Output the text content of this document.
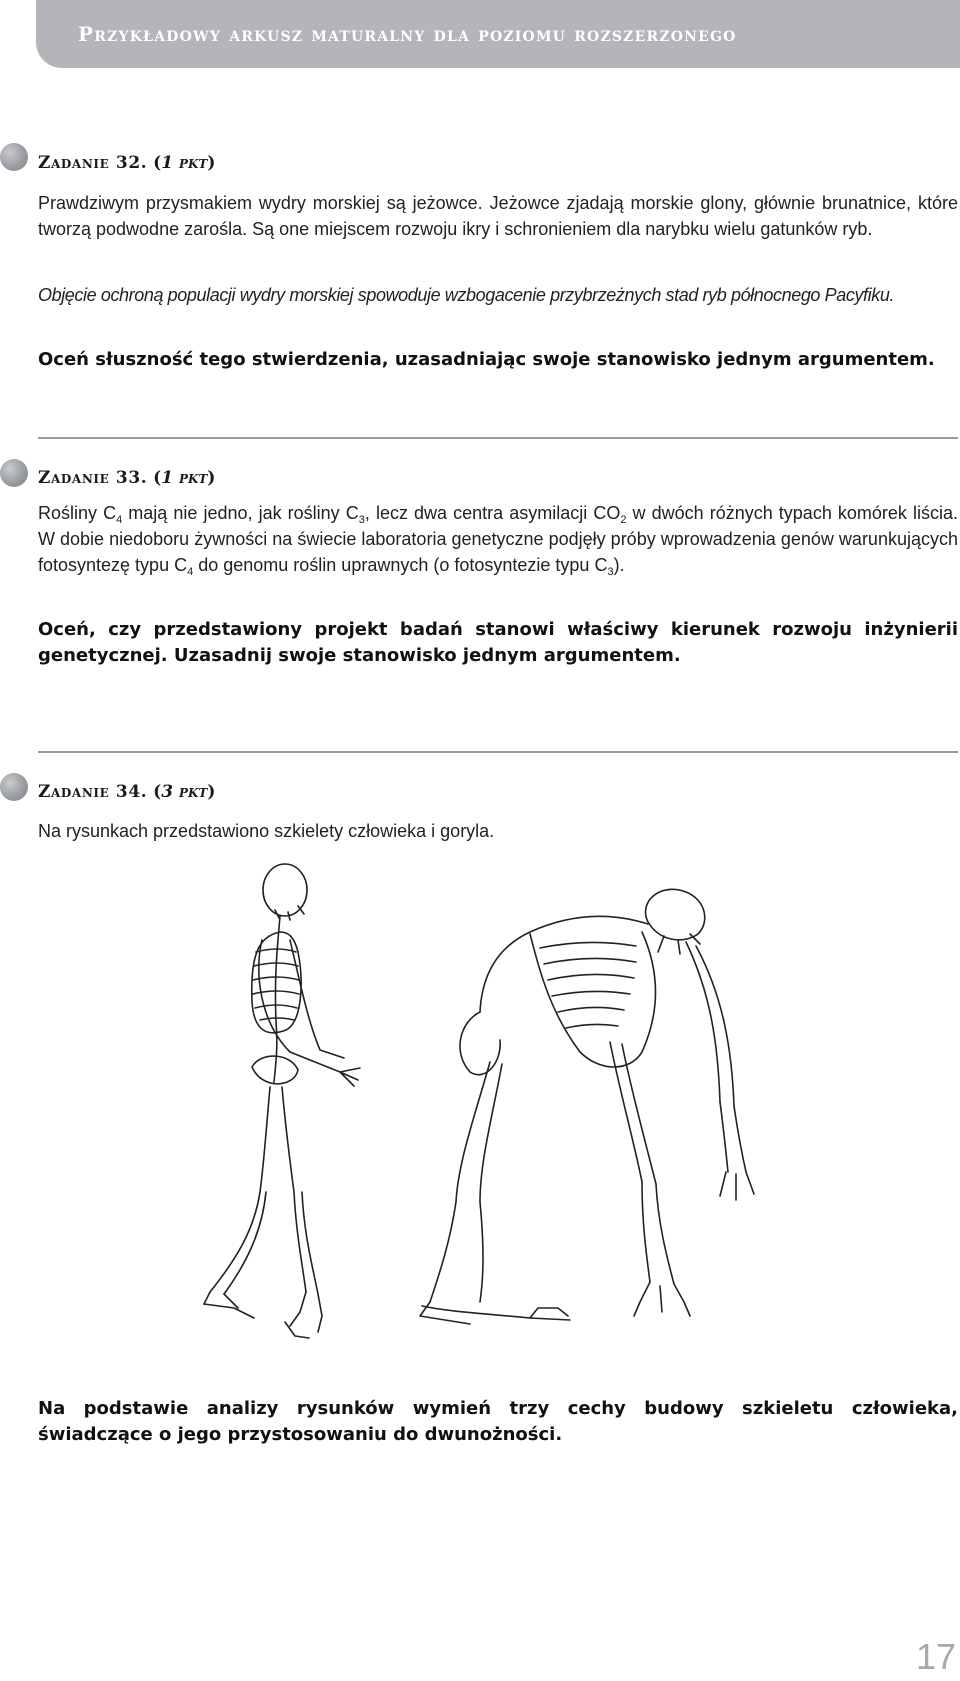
Przykładowy arkusz maturalny dla poziomu rozszerzonego
Zadanie 32. (1 pkt)
Prawdziwym przysmakiem wydry morskiej są jeżowce. Jeżowce zjadają morskie glony, głównie brunatnice, które tworzą podwodne zarośla. Są one miejscem rozwoju ikry i schronieniem dla narybku wielu gatunków ryb.
Objęcie ochroną populacji wydry morskiej spowoduje wzbogacenie przybrzeżnych stad ryb północnego Pacyfiku.
Oceń słuszność tego stwierdzenia, uzasadniając swoje stanowisko jednym argumentem.
Zadanie 33. (1 pkt)
Rośliny $C_4$ mają nie jedno, jak rośliny $C_3$, lecz dwa centra asymilacji $CO_2$ w dwóch różnych typach komórek liścia. W dobie niedoboru żywności na świecie laboratoria genetyczne podjęły próby wprowadzenia genów warunkujących fotosyntezę typu $C_4$ do genomu roślin uprawnych (o fotosyntezie typu $C_3$).
Oceń, czy przedstawiony projekt badań stanowi właściwy kierunek rozwoju inżynierii genetycznej. Uzasadnij swoje stanowisko jednym argumentem.
Zadanie 34. (3 pkt)
Na rysunkach przedstawiono szkielety człowieka i goryla.
Na podstawie analizy rysunków wymień trzy cechy budowy szkieletu człowieka, świadczące o jego przystosowaniu do dwunożności.
17
